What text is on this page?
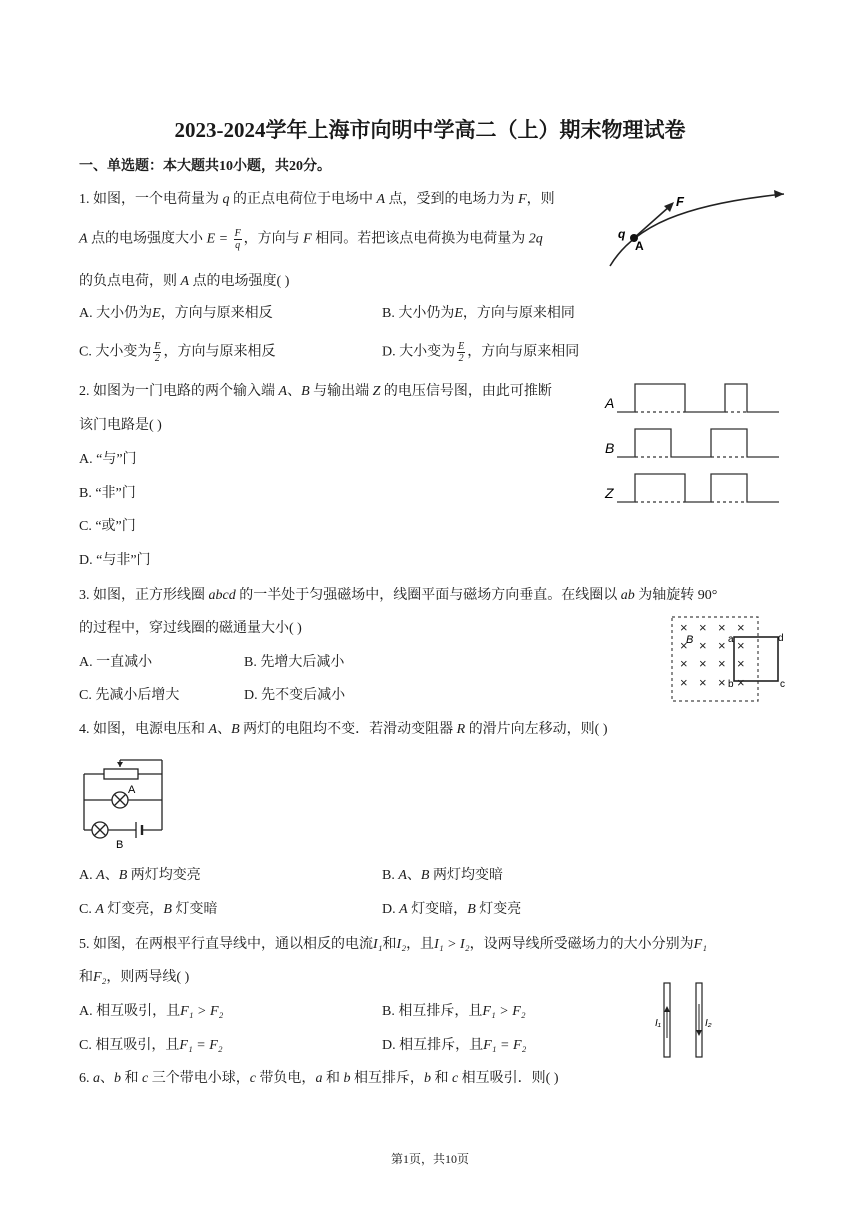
2023-2024学年上海市向明中学高二（上）期末物理试卷
一、单选题：本大题共10小题，共20分。
1. 如图，一个电荷量为 q 的正点电荷位于电场中 A 点，受到的电场力为 F，则
A 点的电场强度大小 $E = \frac{F}{q}$ ，方向与 F 相同。若把该点电荷换为电荷量为 2q
的负点电荷，则 A 点的电场强度( )
A. 大小仍为E，方向与原来相反	B. 大小仍为E，方向与原来相同
C. 大小变为 $\frac{E}{2}$ ，方向与原来相反	D. 大小变为 $\frac{E}{2}$ ，方向与原来相同
F
q
A
2. 如图为一门电路的两个输入端 A、B 与输出端 Z 的电压信号图，由此可推断
该门电路是( )
A. “与”门
B. “非”门
C. “或”门
D. “与非”门
A
B
Z
3. 如图，正方形线圈 abcd 的一半处于匀强磁场中，线圈平面与磁场方向垂直。在线圈以 ab 为轴旋转 90°
的过程中，穿过线圈的磁通量大小( )
A. 一直减小	B. 先增大后减小
C. 先减小后增大	D. 先不变后减小
× × × ×
× × × ×
× × × ×
× × × ×
B	a
b	c
d
4. 如图，电源电压和 A、B 两灯的电阻均不变．若滑动变阻器 R 的滑片向左移动，则( )
A
B
A. A、B 两灯均变亮	B. A、B 两灯均变暗
C. A 灯变亮，B 灯变暗	D. A 灯变暗，B 灯变亮
5. 如图，在两根平行直导线中，通以相反的电流I₁和I₂，且I₁ > I₂，设两导线所受磁场力的大小分别为F₁
和F₂，则两导线( )
A. 相互吸引，且F₁ > F₂	B. 相互排斥，且F₁ > F₂
C. 相互吸引，且F₁ = F₂	D. 相互排斥，且F₁ = F₂
I₁	I₂
6. a、b 和 c 三个带电小球，c 带负电，a 和 b 相互排斥，b 和 c 相互吸引．则( )
第1页，共10页
